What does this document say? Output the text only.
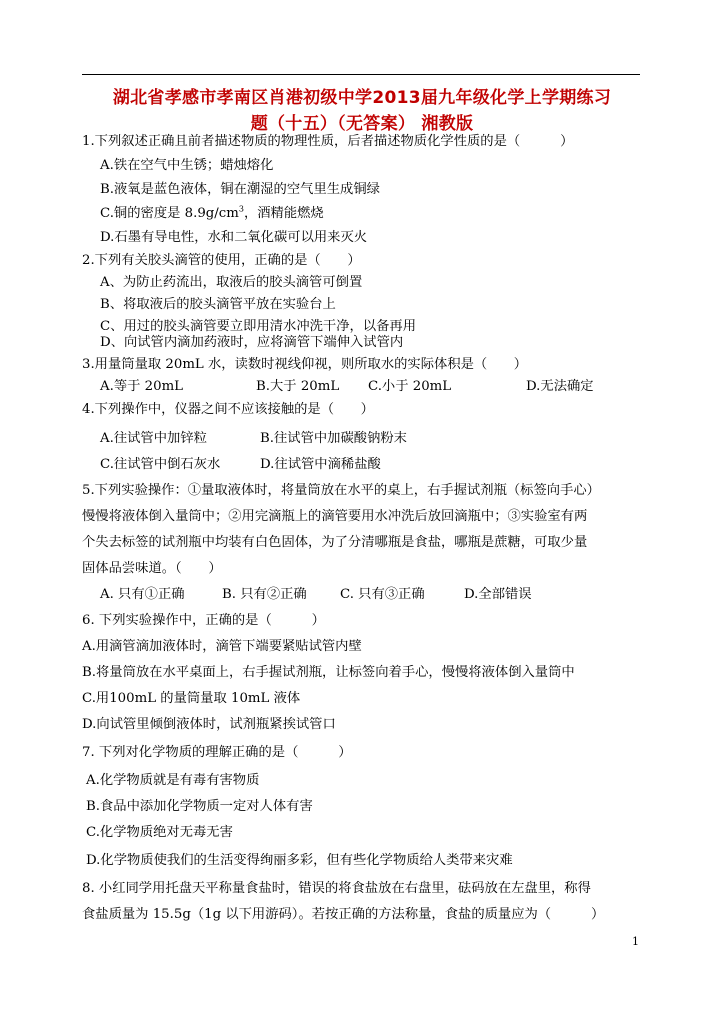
湖北省孝感市孝南区肖港初级中学2013届九年级化学上学期练习
题（十五）（无答案） 湘教版
1.下列叙述正确且前者描述物质的物理性质，后者描述物质化学性质的是（　　　）
A.铁在空气中生锈；蜡烛熔化
B.液氧是蓝色液体，铜在潮湿的空气里生成铜绿
C.铜的密度是 $8.9g/cm^3$，酒精能燃烧
D.石墨有导电性，水和二氧化碳可以用来灭火
2.下列有关胶头滴管的使用，正确的是（　　）
A、为防止药流出，取液后的胶头滴管可倒置
B、将取液后的胶头滴管平放在实验台上
C、用过的胶头滴管要立即用清水冲洗干净，以备再用
D、向试管内滴加药液时，应将滴管下端伸入试管内
3.用量筒量取 20mL 水，读数时视线仰视，则所取水的实际体积是（　　）
A.等于 20mL	B.大于 20mL C.小于 20mL	D.无法确定
4.下列操作中，仪器之间不应该接触的是（　　）
A.往试管中加锌粒	B.往试管中加碳酸钠粉末
C.往试管中倒石灰水	D.往试管中滴稀盐酸
5.下列实验操作：①量取液体时，将量筒放在水平的桌上，右手握试剂瓶（标签向手心）
慢慢将液体倒入量筒中；②用完滴瓶上的滴管要用水冲洗后放回滴瓶中；③实验室有两
个失去标签的试剂瓶中均装有白色固体，为了分清哪瓶是食盐，哪瓶是蔗糖，可取少量
固体品尝味道。（　　）
A. 只有①正确	B. 只有②正确	C. 只有③正确	D.全部错误
6. 下列实验操作中，正确的是（　　　）
A.用滴管滴加液体时，滴管下端要紧贴试管内壁
B.将量筒放在水平桌面上，右手握试剂瓶，让标签向着手心，慢慢将液体倒入量筒中
C.用100mL 的量筒量取 10mL 液体
D.向试管里倾倒液体时，试剂瓶紧挨试管口
7. 下列对化学物质的理解正确的是（　　　）
A.化学物质就是有毒有害物质
B.食品中添加化学物质一定对人体有害
C.化学物质绝对无毒无害
D.化学物质使我们的生活变得绚丽多彩，但有些化学物质给人类带来灾难
8. 小红同学用托盘天平称量食盐时，错误的将食盐放在右盘里，砝码放在左盘里，称得
食盐质量为 15.5g（1g 以下用游码）。若按正确的方法称量，食盐的质量应为（　　　）
1
